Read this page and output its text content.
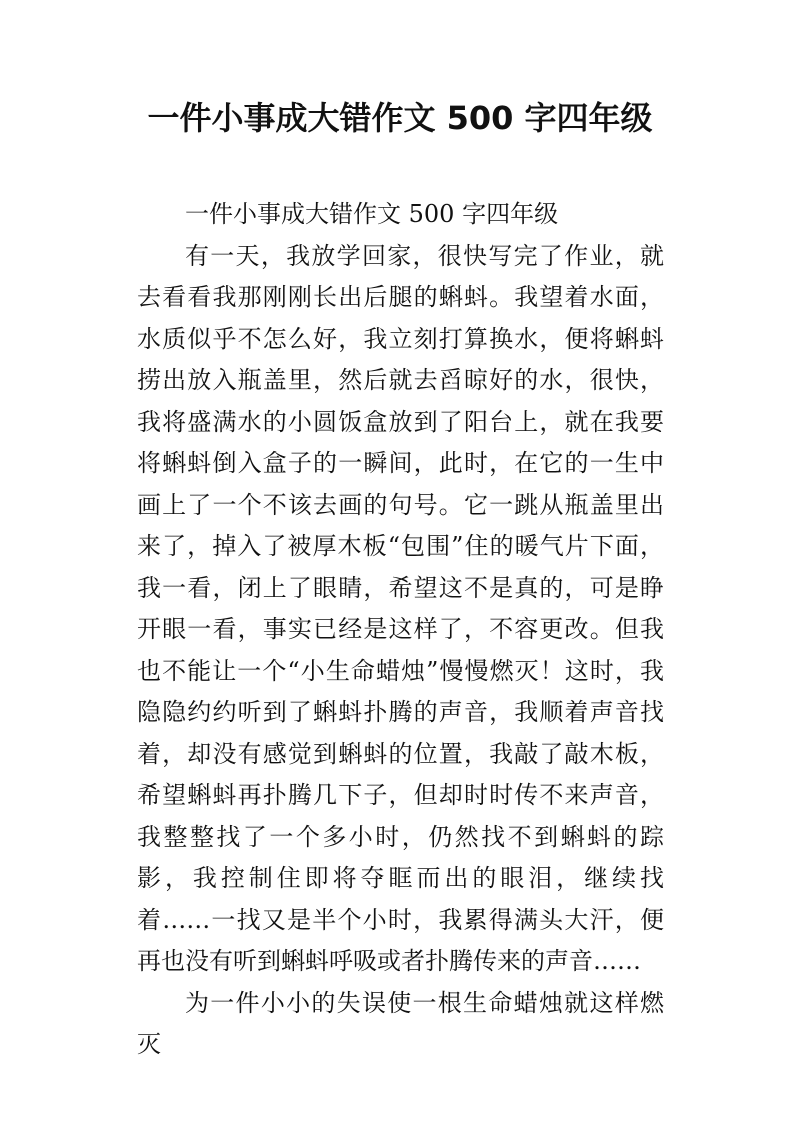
一件小事成大错作文 500 字四年级

一件小事成大错作文 500 字四年级

有一天，我放学回家，很快写完了作业，就去看看我那刚刚长出后腿的蝌蚪。我望着水面，水质似乎不怎么好，我立刻打算换水，便将蝌蚪捞出放入瓶盖里，然后就去舀晾好的水，很快，我将盛满水的小圆饭盒放到了阳台上，就在我要将蝌蚪倒入盒子的一瞬间，此时，在它的一生中画上了一个不该去画的句号。它一跳从瓶盖里出来了，掉入了被厚木板“包围”住的暖气片下面，我一看，闭上了眼睛，希望这不是真的，可是睁开眼一看，事实已经是这样了，不容更改。但我也不能让一个“小生命蜡烛”慢慢燃灭！这时，我隐隐约约听到了蝌蚪扑腾的声音，我顺着声音找着，却没有感觉到蝌蚪的位置，我敲了敲木板，希望蝌蚪再扑腾几下子，但却时时传不来声音，我整整找了一个多小时，仍然找不到蝌蚪的踪影，我控制住即将夺眶而出的眼泪，继续找着……一找又是半个小时，我累得满头大汗，便再也没有听到蝌蚪呼吸或者扑腾传来的声音……

为一件小小的失误使一根生命蜡烛就这样燃灭
